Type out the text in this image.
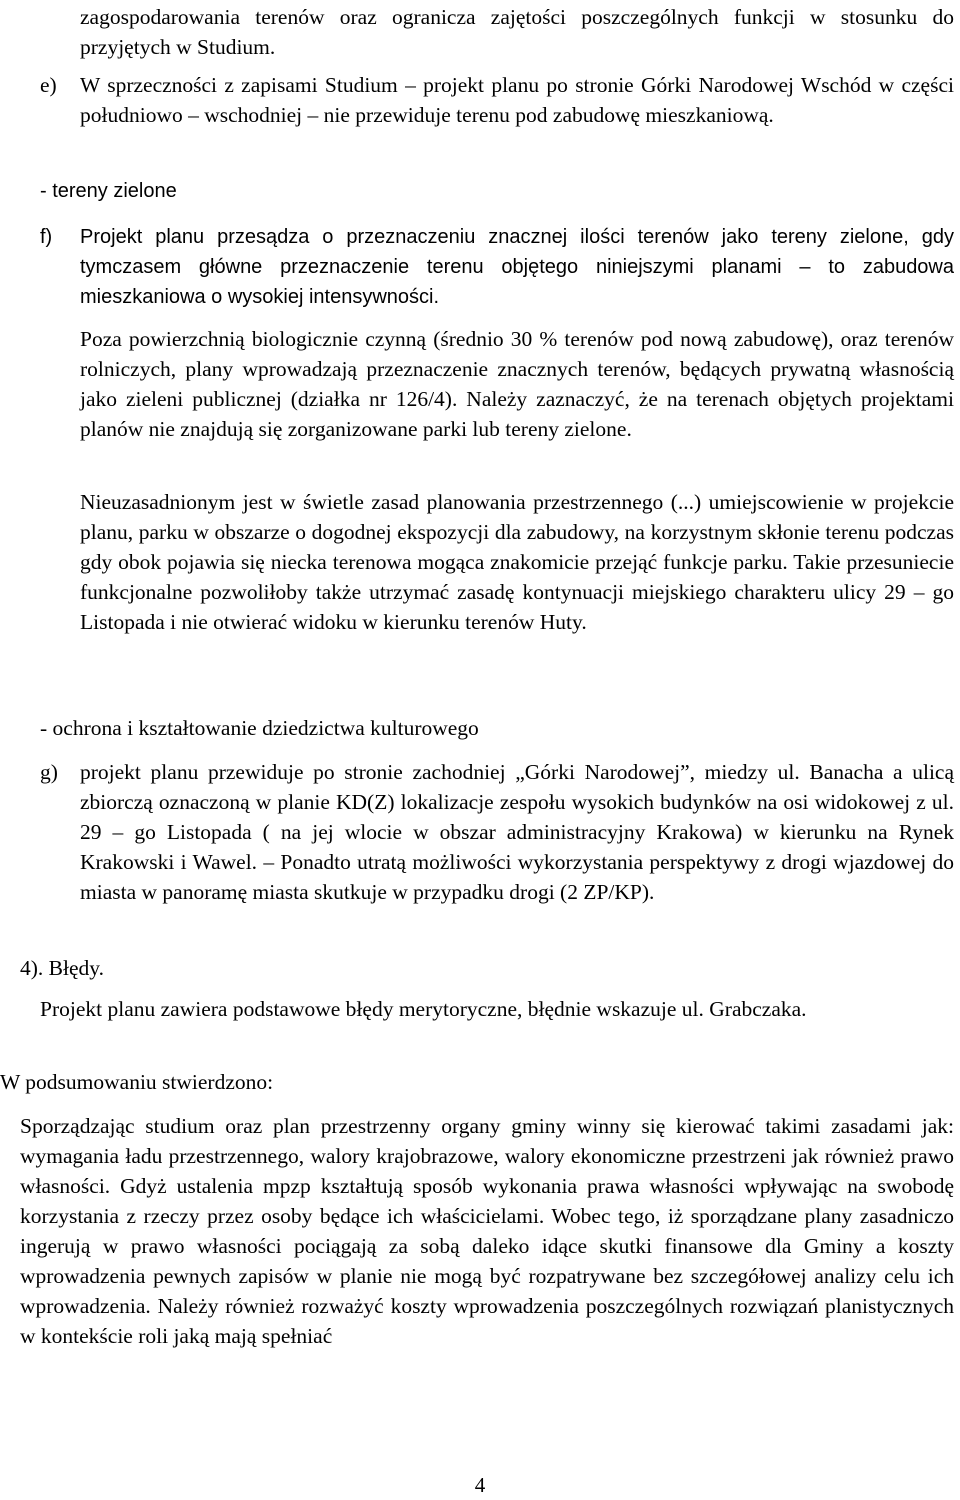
zagospodarowania terenów oraz ogranicza zajętości poszczególnych funkcji w stosunku do przyjętych w Studium.

e) W sprzeczności z zapisami Studium – projekt planu po stronie Górki Narodowej Wschód w części południowo – wschodniej – nie przewiduje terenu pod zabudowę mieszkaniową.

- tereny zielone

f) Projekt planu przesądza o przeznaczeniu znacznej ilości terenów jako tereny zielone, gdy tymczasem główne przeznaczenie terenu objętego niniejszymi planami – to zabudowa mieszkaniowa o wysokiej intensywności.

Poza powierzchnią biologicznie czynną (średnio 30 % terenów pod nową zabudowę), oraz terenów rolniczych, plany wprowadzają przeznaczenie znacznych terenów, będących prywatną własnością jako zieleni publicznej (działka nr 126/4). Należy zaznaczyć, że na terenach objętych projektami planów nie znajdują się zorganizowane parki lub tereny zielone.

Nieuzasadnionym jest w świetle zasad planowania przestrzennego (...) umiejscowienie w projekcie planu, parku w obszarze o dogodnej ekspozycji dla zabudowy, na korzystnym skłonie terenu podczas gdy obok pojawia się niecka terenowa mogąca znakomicie przejąć funkcje parku. Takie przesuniecie funkcjonalne pozwoliłoby także utrzymać zasadę kontynuacji miejskiego charakteru ulicy 29 – go Listopada i nie otwierać widoku w kierunku terenów Huty.

- ochrona i kształtowanie dziedzictwa kulturowego

g) projekt planu przewiduje po stronie zachodniej „Górki Narodowej”, miedzy ul. Banacha a ulicą zbiorczą oznaczoną w planie KD(Z) lokalizacje zespołu wysokich budynków na osi widokowej z ul. 29 – go Listopada ( na jej wlocie w obszar administracyjny Krakowa) w kierunku na Rynek Krakowski i Wawel. – Ponadto utratą możliwości wykorzystania perspektywy z drogi wjazdowej do miasta w panoramę miasta skutkuje w przypadku drogi (2 ZP/KP).

4). Błędy.

Projekt planu zawiera podstawowe błędy merytoryczne, błędnie wskazuje ul. Grabczaka.

W podsumowaniu stwierdzono:

Sporządzając studium oraz plan przestrzenny organy gminy winny się kierować takimi zasadami jak: wymagania ładu przestrzennego, walory krajobrazowe, walory ekonomiczne przestrzeni jak również prawo własności. Gdyż ustalenia mpzp kształtują sposób wykonania prawa własności wpływając na swobodę korzystania z rzeczy przez osoby będące ich właścicielami. Wobec tego, iż sporządzane plany zasadniczo ingerują w prawo własności pociągają za sobą daleko idące skutki finansowe dla Gminy a koszty wprowadzenia pewnych zapisów w planie nie mogą być rozpatrywane bez szczegółowej analizy celu ich wprowadzenia. Należy również rozważyć koszty wprowadzenia poszczególnych rozwiązań planistycznych w kontekście roli jaką mają spełniać

4
